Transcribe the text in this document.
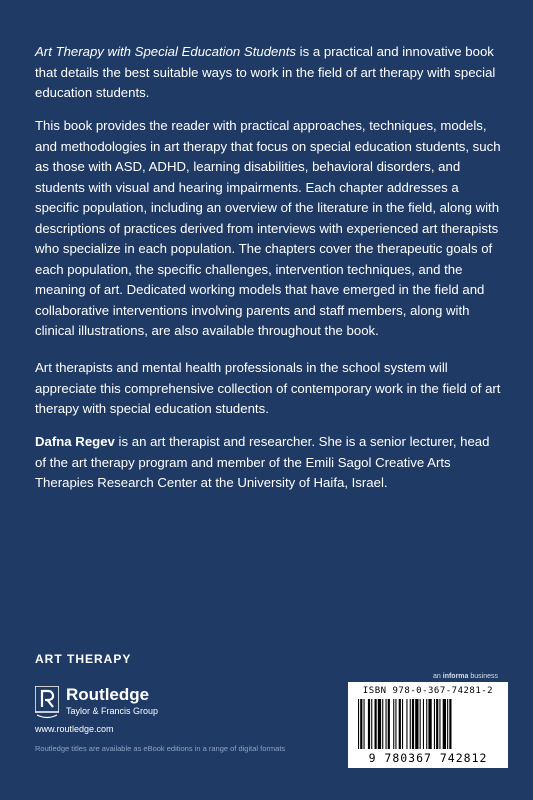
Art Therapy with Special Education Students is a practical and innovative book that details the best suitable ways to work in the field of art therapy with special education students.

This book provides the reader with practical approaches, techniques, models, and methodologies in art therapy that focus on special education students, such as those with ASD, ADHD, learning disabilities, behavioral disorders, and students with visual and hearing impairments. Each chapter addresses a specific population, including an overview of the literature in the field, along with descriptions of practices derived from interviews with experienced art therapists who specialize in each population. The chapters cover the therapeutic goals of each population, the specific challenges, intervention techniques, and the meaning of art. Dedicated working models that have emerged in the field and collaborative interventions involving parents and staff members, along with clinical illustrations, are also available throughout the book.

Art therapists and mental health professionals in the school system will appreciate this comprehensive collection of contemporary work in the field of art therapy with special education students.

Dafna Regev is an art therapist and researcher. She is a senior lecturer, head of the art therapy program and member of the Emili Sagol Creative Arts Therapies Research Center at the University of Haifa, Israel.

ART THERAPY
Routledge
Taylor & Francis Group
www.routledge.com
Routledge titles are available as eBook editions in a range of digital formats
an informa business
ISBN 978-0-367-74281-2
9 780367 742812
